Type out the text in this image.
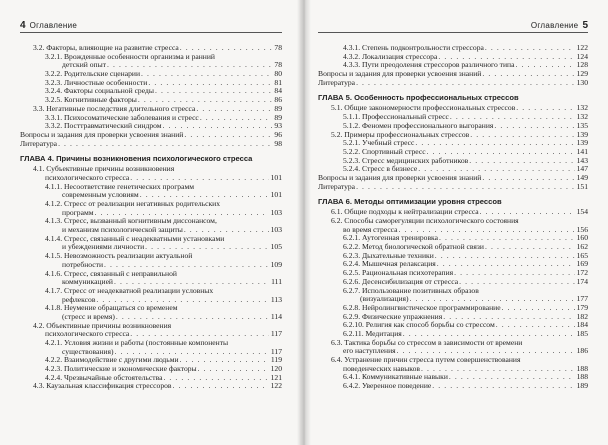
4 Оглавление
3.2. Факторы, влияющие на развитие стресса . . .	78
3.2.1. Врожденные особенности организма и ранний
детский опыт . . .	78
3.2.2. Родительские сценарии . . .	80
3.2.3. Личностные особенности . . .	81
3.2.4. Факторы социальной среды . . .	84
3.2.5. Когнитивные факторы . . .	86
3.3. Негативные последствия длительного стресса . . .	89
3.3.1. Психосоматические заболевания и стресс . . .	89
3.3.2. Посттравматический синдром . . .	93
Вопросы и задания для проверки усвоения знаний . . .	96
Литература . . .	98
ГЛАВА 4. Причины возникновения психологического стресса
4.1. Субъективные причины возникновения
психологического стресса . . .	101
4.1.1. Несоответствие генетических программ
современным условиям . . .	101
4.1.2. Стресс от реализации негативных родительских
программ . . .	103
4.1.3. Стресс, вызванный когнитивным диссонансом,
и механизм психологической защиты . . .	103
4.1.4. Стресс, связанный с неадекватными установками
и убеждениями личности . . .	105
4.1.5. Невозможность реализации актуальной
потребности . . .	109
4.1.6. Стресс, связанный с неправильной
коммуникацией . . .	111
4.1.7. Стресс от неадекватной реализации условных
рефлексов . . .	113
4.1.8. Неумение обращаться со временем
(стресс и время) . . .	114
4.2. Объективные причины возникновения
психологического стресса . . .	117
4.2.1. Условия жизни и работы (постоянные компоненты
существования) . . .	117
4.2.2. Взаимодействие с другими людьми . . .	119
4.2.3. Политические и экономические факторы . . .	120
4.2.4. Чрезвычайные обстоятельства . . .	121
4.3. Каузальная классификация стрессоров . . .	122
Оглавление 5
4.3.1. Степень подконтрольности стрессора . . .	122
4.3.2. Локализация стрессора . . .	124
4.3.3. Пути преодоления стрессоров различного типа . . .	128
Вопросы и задания для проверки усвоения знаний . . .	129
Литература . . .	130
ГЛАВА 5. Особенность профессиональных стрессов
5.1. Общие закономерности профессиональных стрессов . . .	132
5.1.1. Профессиональный стресс . . .	132
5.1.2. Феномен профессионального выгорания . . .	135
5.2. Примеры профессиональных стрессов . . .	139
5.2.1. Учебный стресс . . .	139
5.2.2. Спортивный стресс . . .	141
5.2.3. Стресс медицинских работников . . .	143
5.2.4. Стресс в бизнесе . . .	147
Вопросы и задания для проверки усвоения знаний . . .	149
Литература . . .	151
ГЛАВА 6. Методы оптимизации уровня стрессов
6.1. Общие подходы к нейтрализации стресса . . .	154
6.2. Способы саморегуляции психологического состояния
во время стресса . . .	156
6.2.1. Аутогенная тренировка . . .	160
6.2.2. Метод биологической обратной связи . . .	162
6.2.3. Дыхательные техники . . .	165
6.2.4. Мышечная релаксация . . .	169
6.2.5. Рациональная психотерапия . . .	172
6.2.6. Десенсибилизация от стресса . . .	174
6.2.7. Использование позитивных образов
(визуализация) . . .	177
6.2.8. Нейролингвистическое программирование . . .	179
6.2.9. Физические упражнения . . .	182
6.2.10. Религия как способ борьбы со стрессом . . .	184
6.2.11. Медитация . . .	185
6.3. Тактика борьбы со стрессом в зависимости от времени
его наступления . . .	186
6.4. Устранение причин стресса путем совершенствования
поведенческих навыков . . .	188
6.4.1. Коммуникативные навыки . . .	188
6.4.2. Уверенное поведение . . .	189
